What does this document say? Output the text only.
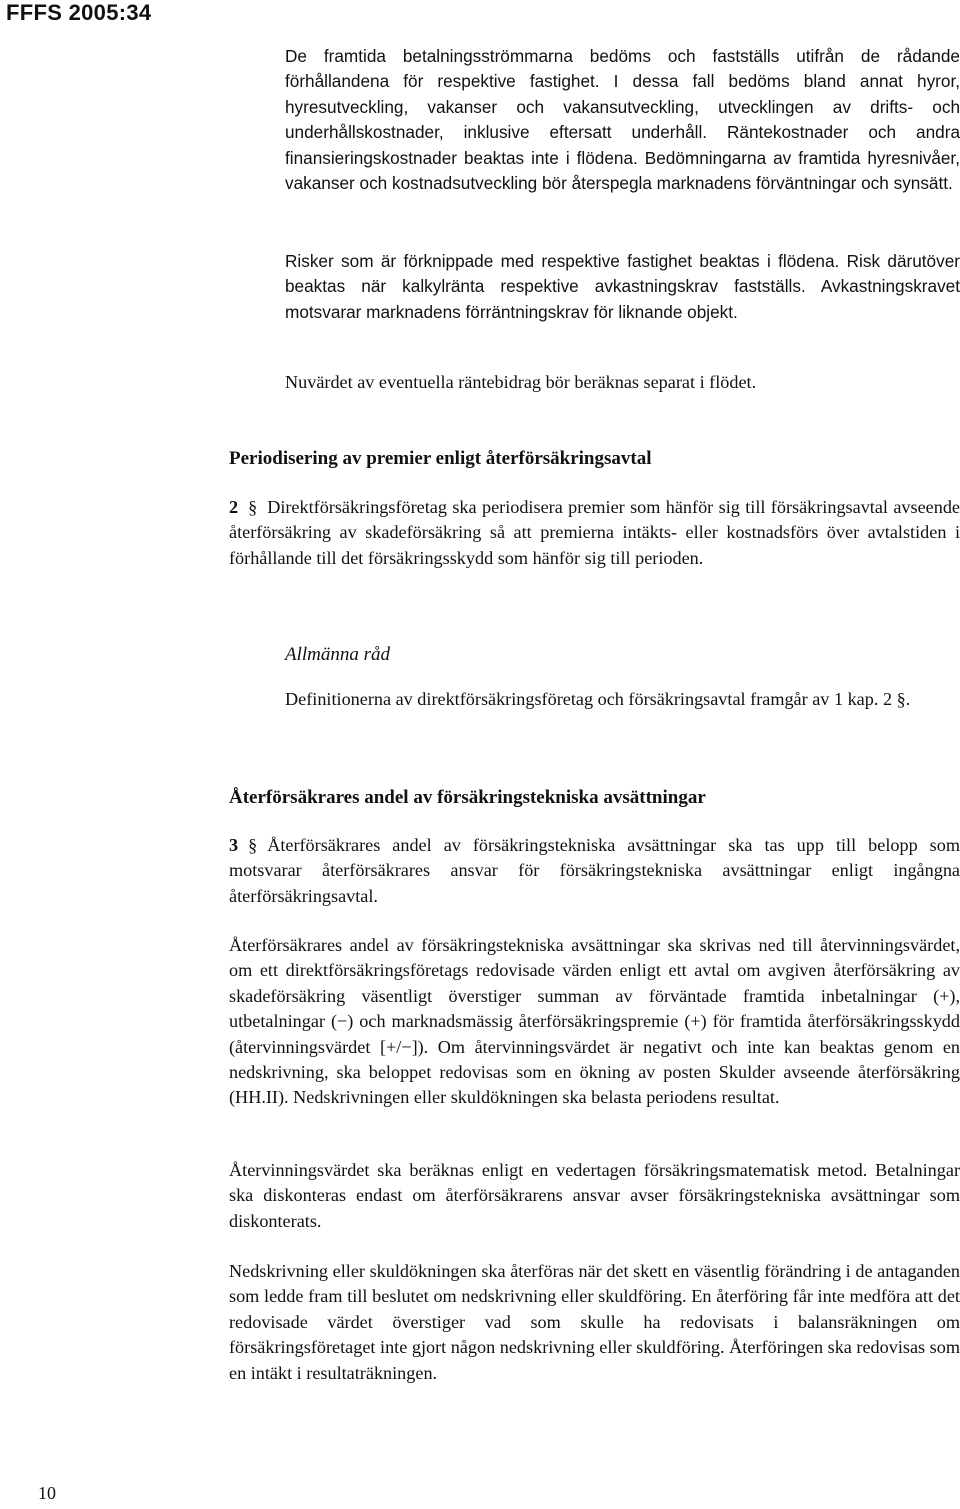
FFFS 2005:34

De framtida betalningsströmmarna bedöms och fastställs utifrån de rådande förhållandena för respektive fastighet. I dessa fall bedöms bland annat hyror, hyresutveckling, vakanser och vakansutveckling, utvecklingen av drifts- och underhållskostnader, inklusive eftersatt underhåll. Räntekostnader och andra finansieringskostnader beaktas inte i flödena. Bedömningarna av framtida hyresnivåer, vakanser och kostnadsutveckling bör återspegla marknadens förväntningar och synsätt.

Risker som är förknippade med respektive fastighet beaktas i flödena. Risk därutöver beaktas när kalkylränta respektive avkastningskrav fastställs. Avkastningskravet motsvarar marknadens förräntningskrav för liknande objekt.

Nuvärdet av eventuella räntebidrag bör beräknas separat i flödet.

Periodisering av premier enligt återförsäkringsavtal

2 § Direktförsäkringsföretag ska periodisera premier som hänför sig till försäkringsavtal avseende återförsäkring av skadeförsäkring så att premierna intäkts- eller kostnadsförs över avtalstiden i förhållande till det försäkringsskydd som hänför sig till perioden.

Allmänna råd

Definitionerna av direktförsäkringsföretag och försäkringsavtal framgår av 1 kap. 2 §.

Återförsäkrares andel av försäkringstekniska avsättningar

3 § Återförsäkrares andel av försäkringstekniska avsättningar ska tas upp till belopp som motsvarar återförsäkrares ansvar för försäkringstekniska avsättningar enligt ingångna återförsäkringsavtal.

Återförsäkrares andel av försäkringstekniska avsättningar ska skrivas ned till återvinningsvärdet, om ett direktförsäkringsföretags redovisade värden enligt ett avtal om avgiven återförsäkring av skadeförsäkring väsentligt överstiger summan av förväntade framtida inbetalningar (+), utbetalningar (−) och marknadsmässig återförsäkringspremie (+) för framtida återförsäkringsskydd (återvinningsvärdet [+/−]). Om återvinningsvärdet är negativt och inte kan beaktas genom en nedskrivning, ska beloppet redovisas som en ökning av posten Skulder avseende återförsäkring (HH.II). Nedskrivningen eller skuldökningen ska belasta periodens resultat.

Återvinningsvärdet ska beräknas enligt en vedertagen försäkringsmatematisk metod. Betalningar ska diskonteras endast om återförsäkrarens ansvar avser försäkringstekniska avsättningar som diskonterats.

Nedskrivning eller skuldökningen ska återföras när det skett en väsentlig förändring i de antaganden som ledde fram till beslutet om nedskrivning eller skuldföring. En återföring får inte medföra att det redovisade värdet överstiger vad som skulle ha redovisats i balansräkningen om försäkringsföretaget inte gjort någon nedskrivning eller skuldföring. Återföringen ska redovisas som en intäkt i resultaträkningen.

10
